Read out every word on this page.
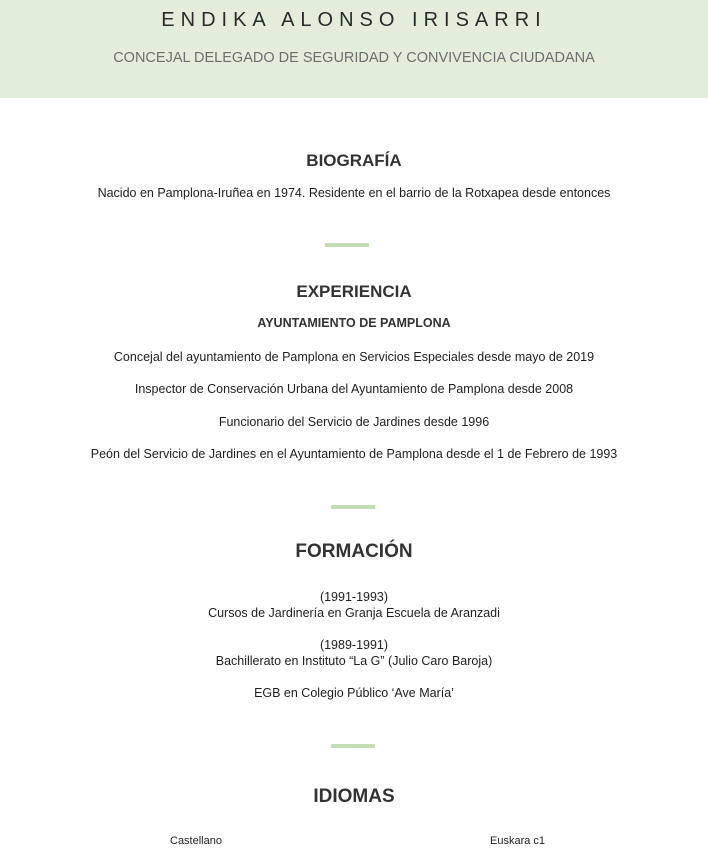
ENDIKA ALONSO IRISARRI
CONCEJAL DELEGADO DE SEGURIDAD Y CONVIVENCIA CIUDADANA
BIOGRAFÍA
Nacido en Pamplona-Iruñea en 1974. Residente en el barrio de la Rotxapea desde entonces
EXPERIENCIA
AYUNTAMIENTO DE PAMPLONA
Concejal del ayuntamiento de Pamplona en Servicios Especiales desde mayo de 2019
Inspector de Conservación Urbana del Ayuntamiento de Pamplona desde 2008
Funcionario del Servicio de Jardines desde 1996
Peón del Servicio de Jardines en el Ayuntamiento de Pamplona desde el 1 de Febrero de 1993
FORMACIÓN
(1991-1993)
Cursos de Jardinería en Granja Escuela de Aranzadi
(1989-1991)
Bachillerato en Instituto “La G” (Julio Caro Baroja)
EGB en Colegio Público ‘Ave María’
IDIOMAS
Castellano	Euskara c1
